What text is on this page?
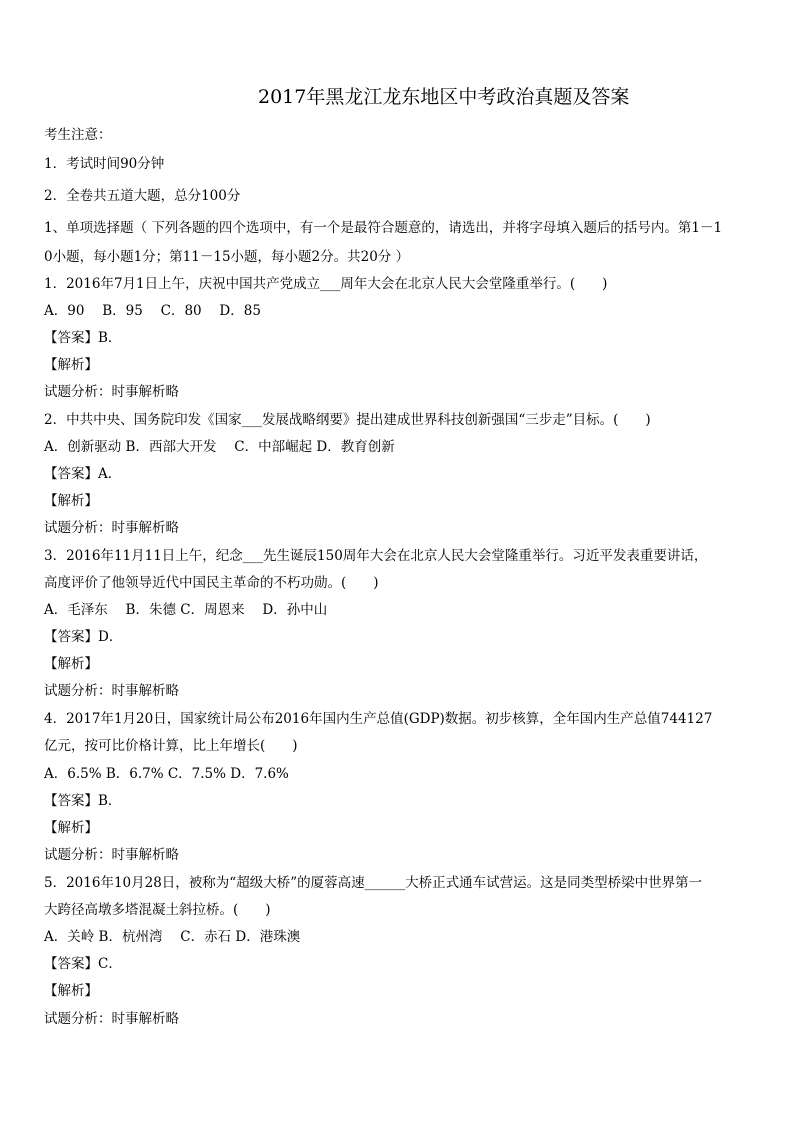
2017年黑龙江龙东地区中考政治真题及答案
考生注意：
1．考试时间90分钟
2．全卷共五道大题，总分100分
1、单项选择题（ 下列各题的四个选项中，有一个是最符合题意的，请选出，并将字母填入题后的括号内。第1－1
0小题，每小题1分；第11－15小题，每小题2分。共20分 ）
1．2016年7月1日上午，庆祝中国共产党成立___周年大会在北京人民大会堂隆重举行。(　　)
A．90　 B．95　 C．80　 D．85
【答案】B．
【解析】
试题分析：时事解析略
2．中共中央、国务院印发《国家___发展战略纲要》提出建成世界科技创新强国“三步走”目标。(　　)
A．创新驱动 B．西部大开发　 C．中部崛起 D．教育创新
【答案】A．
【解析】
试题分析：时事解析略
3．2016年11月11日上午，纪念___先生诞辰150周年大会在北京人民大会堂隆重举行。习近平发表重要讲话，
高度评价了他领导近代中国民主革命的不朽功勋。(　　)
A．毛泽东　 B．朱德 C．周恩来　 D．孙中山
【答案】D．
【解析】
试题分析：时事解析略
4．2017年1月20日，国家统计局公布2016年国内生产总值(GDP)数据。初步核算，全年国内生产总值744127
亿元，按可比价格计算，比上年增长(　　)
A．6.5% B．6.7% C．7.5% D．7.6%
【答案】B．
【解析】
试题分析：时事解析略
5．2016年10月28日，被称为“超级大桥”的厦蓉高速______大桥正式通车试营运。这是同类型桥梁中世界第一
大跨径高墩多塔混凝土斜拉桥。(　　)
A．关岭 B．杭州湾　 C．赤石 D．港珠澳
【答案】C．
【解析】
试题分析：时事解析略
